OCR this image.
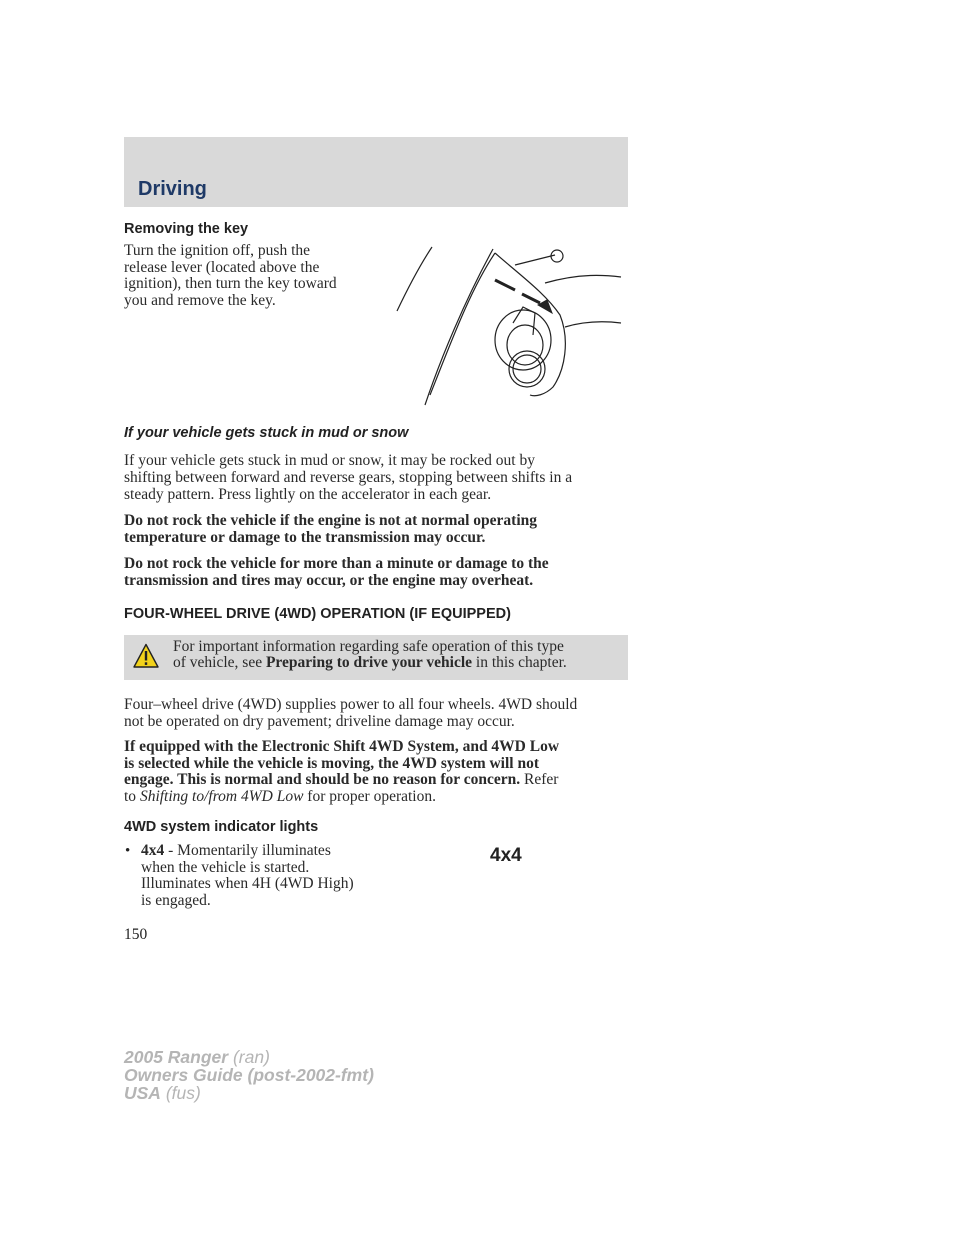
Driving
Removing the key

Turn the ignition off, push the
release lever (located above the
ignition), then turn the key toward
you and remove the key.

If your vehicle gets stuck in mud or snow

If your vehicle gets stuck in mud or snow, it may be rocked out by
shifting between forward and reverse gears, stopping between shifts in a
steady pattern. Press lightly on the accelerator in each gear.

Do not rock the vehicle if the engine is not at normal operating
temperature or damage to the transmission may occur.

Do not rock the vehicle for more than a minute or damage to the
transmission and tires may occur, or the engine may overheat.

FOUR-WHEEL DRIVE (4WD) OPERATION (IF EQUIPPED)

For important information regarding safe operation of this type
of vehicle, see Preparing to drive your vehicle in this chapter.

Four–wheel drive (4WD) supplies power to all four wheels. 4WD should
not be operated on dry pavement; driveline damage may occur.

If equipped with the Electronic Shift 4WD System, and 4WD Low
is selected while the vehicle is moving, the 4WD system will not
engage. This is normal and should be no reason for concern. Refer
to Shifting to/from 4WD Low for proper operation.

4WD system indicator lights
• 4x4 - Momentarily illuminates
when the vehicle is started.
Illuminates when 4H (4WD High)
is engaged.

4x4

150
2005 Ranger (ran)
Owners Guide (post-2002-fmt)
USA (fus)
